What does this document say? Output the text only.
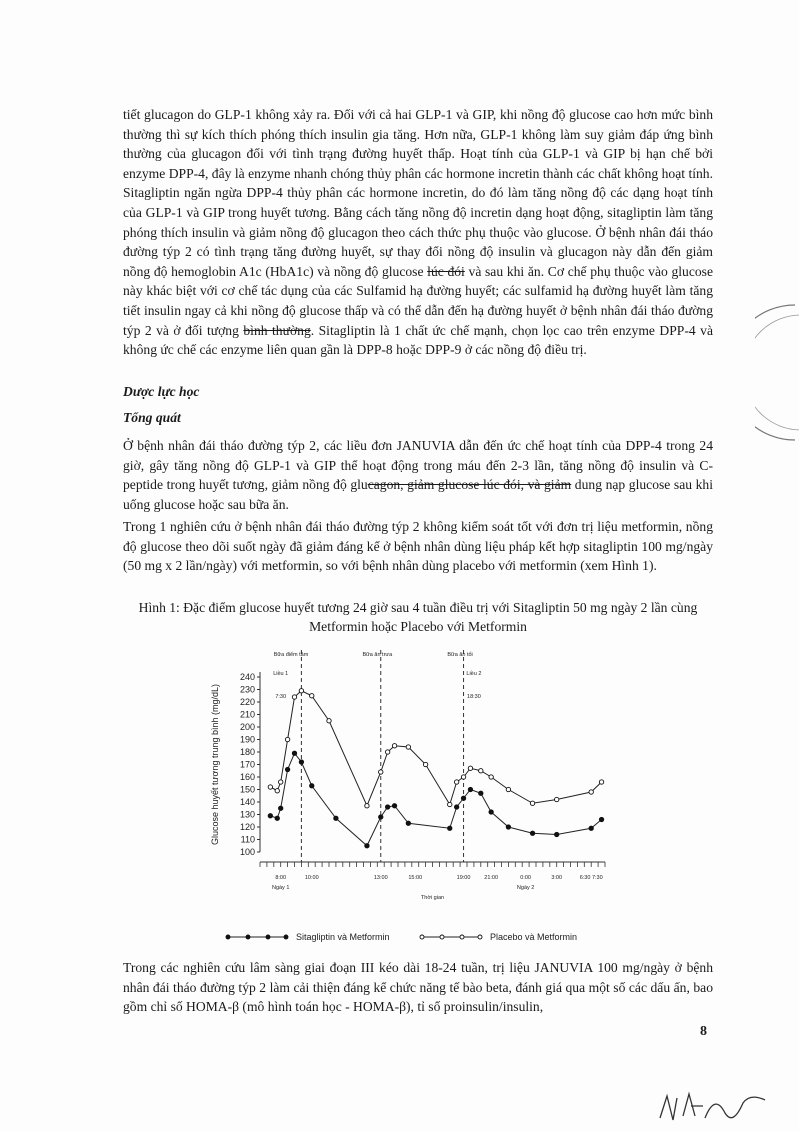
tiết glucagon do GLP-1 không xảy ra. Đối với cả hai GLP-1 và GIP, khi nồng độ glucose cao hơn mức bình thường thì sự kích thích phóng thích insulin gia tăng. Hơn nữa, GLP-1 không làm suy giảm đáp ứng bình thường của glucagon đối với tình trạng đường huyết thấp. Hoạt tính của GLP-1 và GIP bị hạn chế bởi enzyme DPP-4, đây là enzyme nhanh chóng thủy phân các hormone incretin thành các chất không hoạt tính. Sitagliptin ngăn ngừa DPP-4 thủy phân các hormone incretin, do đó làm tăng nồng độ các dạng hoạt tính của GLP-1 và GIP trong huyết tương. Bằng cách tăng nồng độ incretin dạng hoạt động, sitagliptin làm tăng phóng thích insulin và giảm nồng độ glucagon theo cách thức phụ thuộc vào glucose. Ở bệnh nhân đái tháo đường týp 2 có tình trạng tăng đường huyết, sự thay đổi nồng độ insulin và glucagon này dẫn đến giảm nồng độ hemoglobin A1c (HbA1c) và nồng độ glucose lúc đói và sau khi ăn. Cơ chế phụ thuộc vào glucose này khác biệt với cơ chế tác dụng của các Sulfamid hạ đường huyết; các sulfamid hạ đường huyết làm tăng tiết insulin ngay cả khi nồng độ glucose thấp và có thể dẫn đến hạ đường huyết ở bệnh nhân đái tháo đường týp 2 và ở đối tượng bình thường. Sitagliptin là 1 chất ức chế mạnh, chọn lọc cao trên enzyme DPP-4 và không ức chế các enzyme liên quan gần là DPP-8 hoặc DPP-9 ở các nồng độ điều trị.

Dược lực học
Tổng quát

Ở bệnh nhân đái tháo đường týp 2, các liều đơn JANUVIA dẫn đến ức chế hoạt tính của DPP-4 trong 24 giờ, gây tăng nồng độ GLP-1 và GIP thể hoạt động trong máu đến 2-3 lần, tăng nồng độ insulin và C-peptide trong huyết tương, giảm nồng độ glucagon, giảm glucose lúc đói, và giảm dung nạp glucose sau khi uống glucose hoặc sau bữa ăn.

Trong 1 nghiên cứu ở bệnh nhân đái tháo đường týp 2 không kiểm soát tốt với đơn trị liệu metformin, nồng độ glucose theo dõi suốt ngày đã giảm đáng kể ở bệnh nhân dùng liệu pháp kết hợp sitagliptin 100 mg/ngày (50 mg x 2 lần/ngày) với metformin, so với bệnh nhân dùng placebo với metformin (xem Hình 1).
Hình 1: Đặc điểm glucose huyết tương 24 giờ sau 4 tuần điều trị với Sitagliptin 50 mg ngày 2 lần cùng Metformin hoặc Placebo với Metformin
100
110
120
130
140
150
160
170
180
190
200
210
220
230
240
8:00	10:00	13:00	15:00	19:00	21:00	0:00	3:00	6:30 7:30
Ngày 1	Ngày 2
Thời gian
Glucose huyết tương trung bình (mg/dL)
Bữa điểm tâm	Bữa ăn trưa	Bữa ăn tối
Liều 1
7:30
Liều 2
18:30
Sitagliptin và Metformin	Placebo và Metformin
Trong các nghiên cứu lâm sàng giai đoạn III kéo dài 18-24 tuần, trị liệu JANUVIA 100 mg/ngày ở bệnh nhân đái tháo đường týp 2 làm cải thiện đáng kể chức năng tế bào beta, đánh giá qua một số các dấu ấn, bao gồm chỉ số HOMA-β (mô hình toán học - HOMA-β), tỉ số proinsulin/insulin,
8
